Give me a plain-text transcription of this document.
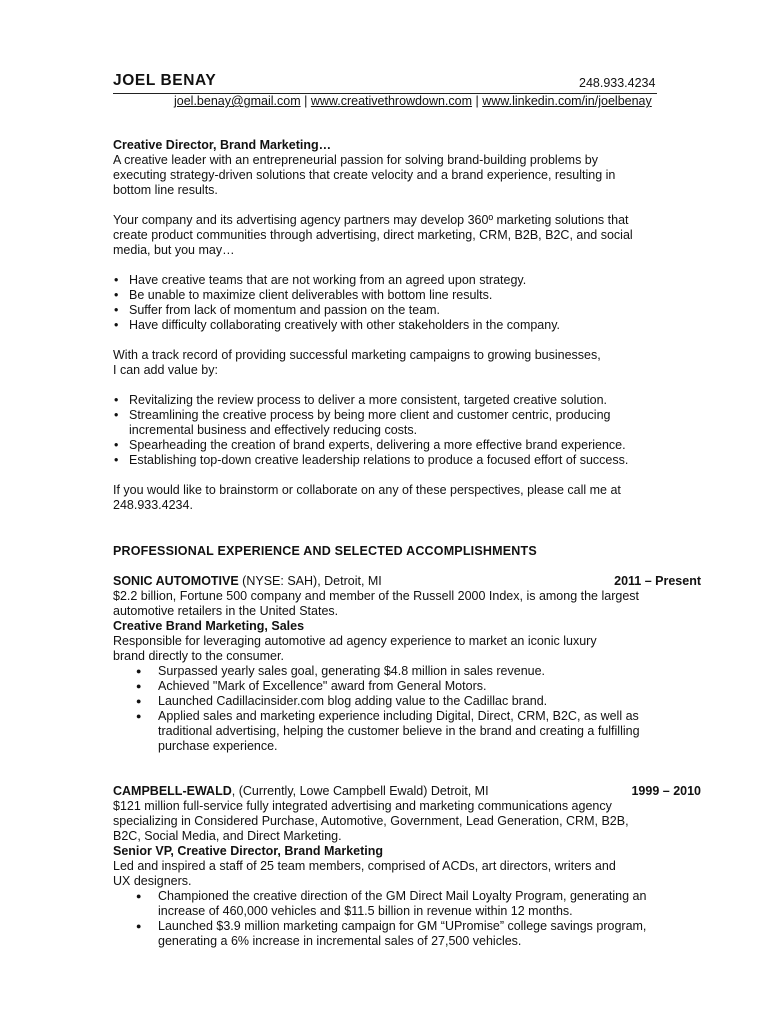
JOEL BENAY	248.933.4234
joel.benay@gmail.com | www.creativethrowdown.com | www.linkedin.com/in/joelbenay

Creative Director, Brand Marketing…

A creative leader with an entrepreneurial passion for solving brand-building problems by

executing strategy-driven solutions that create velocity and a brand experience, resulting in

bottom line results.

Your company and its advertising agency partners may develop 360º marketing solutions that

create product communities through advertising, direct marketing, CRM, B2B, B2C, and social

media, but you may…

• Have creative teams that are not working from an agreed upon strategy.
• Be unable to maximize client deliverables with bottom line results.
• Suffer from lack of momentum and passion on the team.
• Have difficulty collaborating creatively with other stakeholders in the company.

With a track record of providing successful marketing campaigns to growing businesses,

I can add value by:

• Revitalizing the review process to deliver a more consistent, targeted creative solution.
• Streamlining the creative process by being more client and customer centric, producing
incremental business and effectively reducing costs.
• Spearheading the creation of brand experts, delivering a more effective brand experience.
• Establishing top-down creative leadership relations to produce a focused effort of success.

If you would like to brainstorm or collaborate on any of these perspectives, please call me at

248.933.4234.

PROFESSIONAL EXPERIENCE AND SELECTED ACCOMPLISHMENTS
SONIC AUTOMOTIVE (NYSE: SAH), Detroit, MI	2011 – Present

$2.2 billion, Fortune 500 company and member of the Russell 2000 Index, is among the largest

automotive retailers in the United States.

Creative Brand Marketing, Sales

Responsible for leveraging automotive ad agency experience to market an iconic luxury

brand directly to the consumer.

● Surpassed yearly sales goal, generating $4.8 million in sales revenue.
● Achieved "Mark of Excellence" award from General Motors.
● Launched Cadillacinsider.com blog adding value to the Cadillac brand.
● Applied sales and marketing experience including Digital, Direct, CRM, B2C, as well as
traditional advertising, helping the customer believe in the brand and creating a fulfilling
purchase experience.
CAMPBELL-EWALD, (Currently, Lowe Campbell Ewald) Detroit, MI	1999 – 2010

$121 million full-service fully integrated advertising and marketing communications agency

specializing in Considered Purchase, Automotive, Government, Lead Generation, CRM, B2B,

B2C, Social Media, and Direct Marketing.

Senior VP, Creative Director, Brand Marketing

Led and inspired a staff of 25 team members, comprised of ACDs, art directors, writers and

UX designers.

● Championed the creative direction of the GM Direct Mail Loyalty Program, generating an
increase of 460,000 vehicles and $11.5 billion in revenue within 12 months.
● Launched $3.9 million marketing campaign for GM “UPromise” college savings program,
generating a 6% increase in incremental sales of 27,500 vehicles.
